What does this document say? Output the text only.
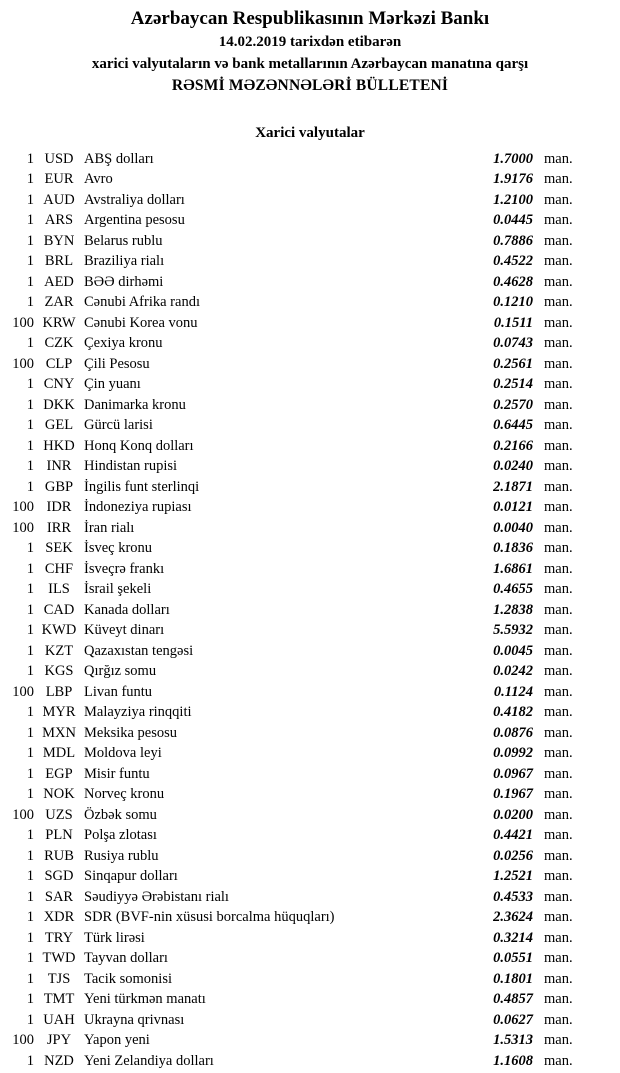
Azərbaycan Respublikasının Mərkəzi Bankı
14.02.2019 tarixdən etibarən
xarici valyutaların və bank metallarının Azərbaycan manatına qarşı
RƏSMİ MƏZƏNNƏLƏRİ BÜLLETENİ
Xarici valyutalar
1 USD ABŞ dolları	1.7000 man.
1 EUR Avro	1.9176 man.
1 AUD Avstraliya dolları	1.2100 man.
1 ARS Argentina pesosu	0.0445 man.
1 BYN Belarus rublu	0.7886 man.
1 BRL Braziliya rialı	0.4522 man.
1 AED BƏƏ dirhəmi	0.4628 man.
1 ZAR Cənubi Afrika randı	0.1210 man.
100 KRW Cənubi Korea vonu	0.1511 man.
1 CZK Çexiya kronu	0.0743 man.
100 CLP Çili Pesosu	0.2561 man.
1 CNY Çin yuanı	0.2514 man.
1 DKK Danimarka kronu	0.2570 man.
1 GEL Gürcü larisi	0.6445 man.
1 HKD Honq Konq dolları	0.2166 man.
1 INR Hindistan rupisi	0.0240 man.
1 GBP İngilis funt sterlinqi	2.1871 man.
100 IDR İndoneziya rupiası	0.0121 man.
100 IRR İran rialı	0.0040 man.
1 SEK İsveç kronu	0.1836 man.
1 CHF İsveçrə frankı	1.6861 man.
1 ILS İsrail şekeli	0.4655 man.
1 CAD Kanada dolları	1.2838 man.
1 KWD Küveyt dinarı	5.5932 man.
1 KZT Qazaxıstan tengəsi	0.0045 man.
1 KGS Qırğız somu	0.0242 man.
100 LBP Livan funtu	0.1124 man.
1 MYR Malayziya rinqqiti	0.4182 man.
1 MXN Meksika pesosu	0.0876 man.
1 MDL Moldova leyi	0.0992 man.
1 EGP Misir funtu	0.0967 man.
1 NOK Norveç kronu	0.1967 man.
100 UZS Özbək somu	0.0200 man.
1 PLN Polşa zlotası	0.4421 man.
1 RUB Rusiya rublu	0.0256 man.
1 SGD Sinqapur dolları	1.2521 man.
1 SAR Səudiyyə Ərəbistanı rialı	0.4533 man.
1 XDR SDR (BVF-nin xüsusi borcalma hüquqları)	2.3624 man.
1 TRY Türk lirəsi	0.3214 man.
1 TWD Tayvan dolları	0.0551 man.
1 TJS Tacik somonisi	0.1801 man.
1 TMT Yeni türkmən manatı	0.4857 man.
1 UAH Ukrayna qrivnası	0.0627 man.
100 JPY Yapon yeni	1.5313 man.
1 NZD Yeni Zelandiya dolları	1.1608 man.
